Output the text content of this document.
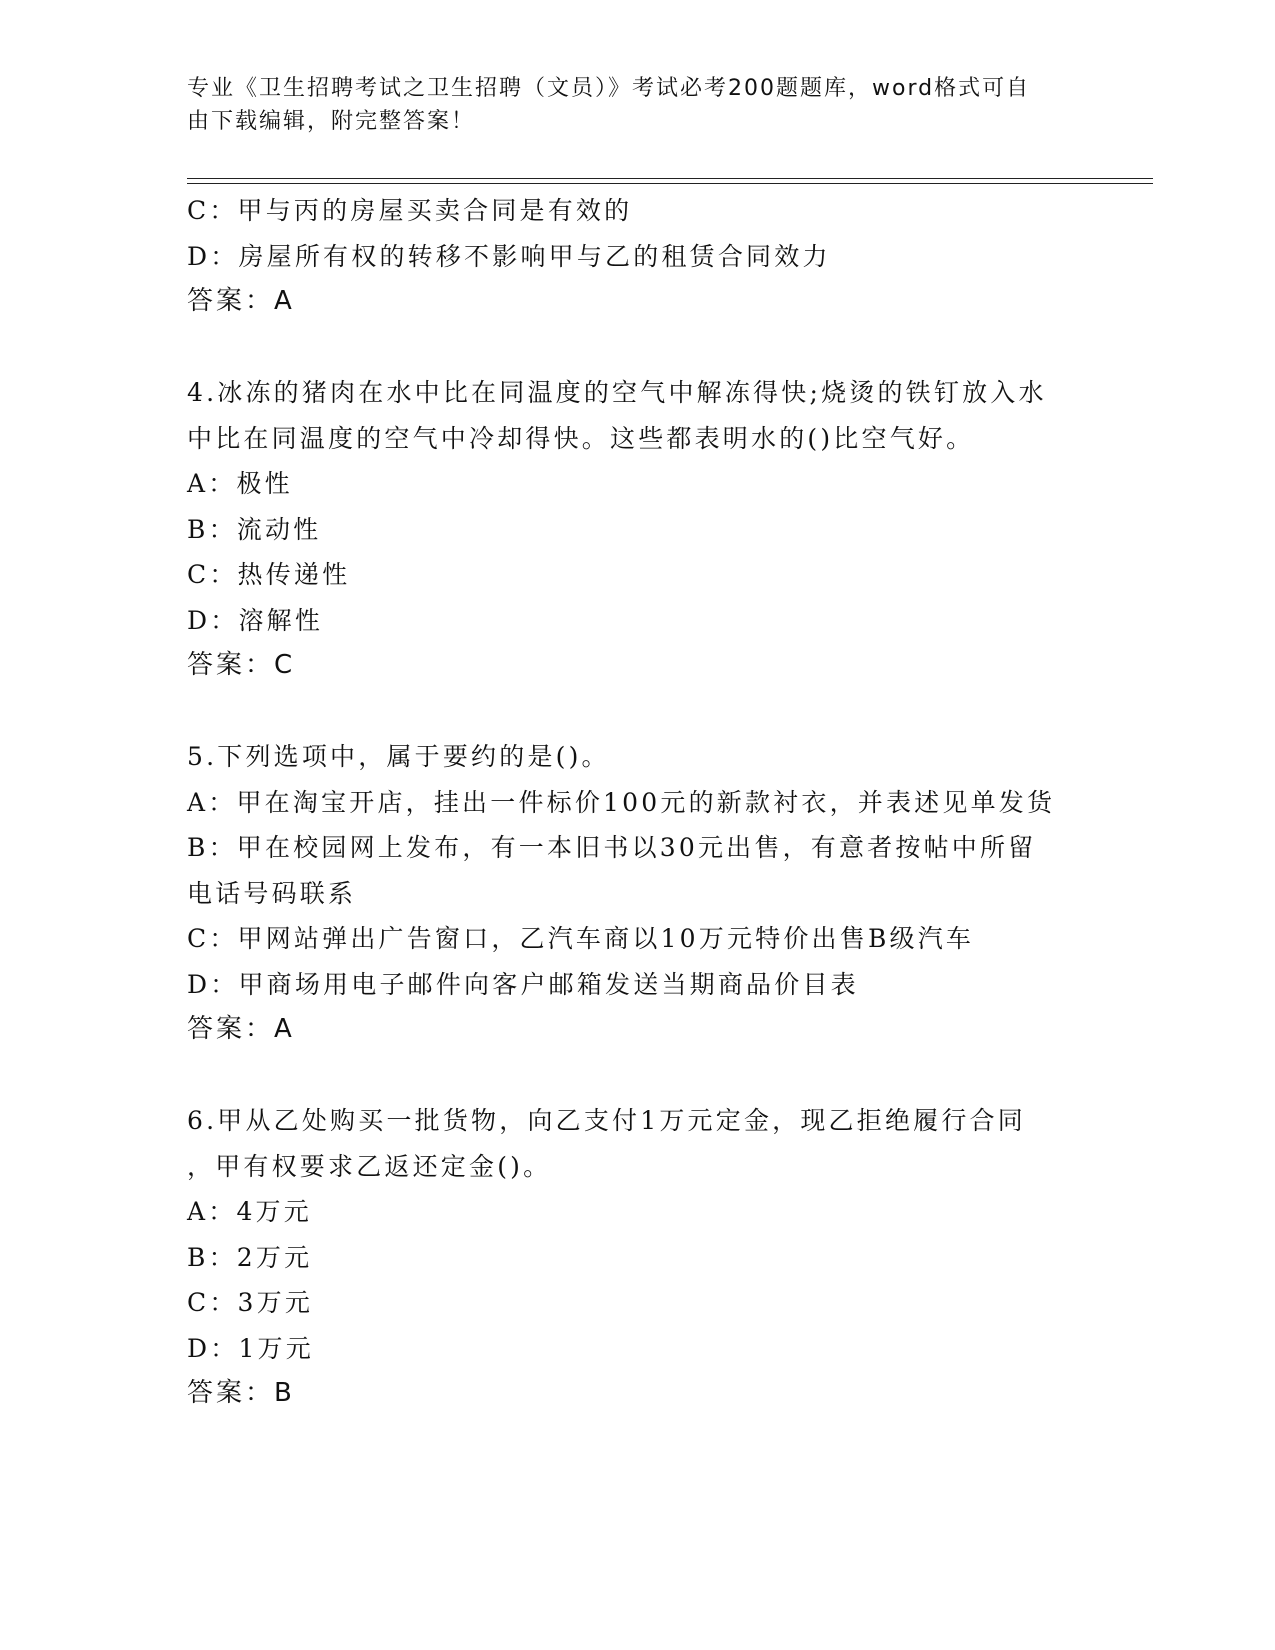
专业《卫生招聘考试之卫生招聘（文员）》考试必考200题题库，word格式可自
由下载编辑，附完整答案！
C：甲与丙的房屋买卖合同是有效的
D：房屋所有权的转移不影响甲与乙的租赁合同效力
答案：A
4.冰冻的猪肉在水中比在同温度的空气中解冻得快;烧烫的铁钉放入水
中比在同温度的空气中冷却得快。这些都表明水的()比空气好。
A：极性
B：流动性
C：热传递性
D：溶解性
答案：C
5.下列选项中，属于要约的是()。
A：甲在淘宝开店，挂出一件标价100元的新款衬衣，并表述见单发货
B：甲在校园网上发布，有一本旧书以30元出售，有意者按帖中所留
电话号码联系
C：甲网站弹出广告窗口，乙汽车商以10万元特价出售B级汽车
D：甲商场用电子邮件向客户邮箱发送当期商品价目表
答案：A
6.甲从乙处购买一批货物，向乙支付1万元定金，现乙拒绝履行合同
，甲有权要求乙返还定金()。
A：4万元
B：2万元
C：3万元
D：1万元
答案：B
